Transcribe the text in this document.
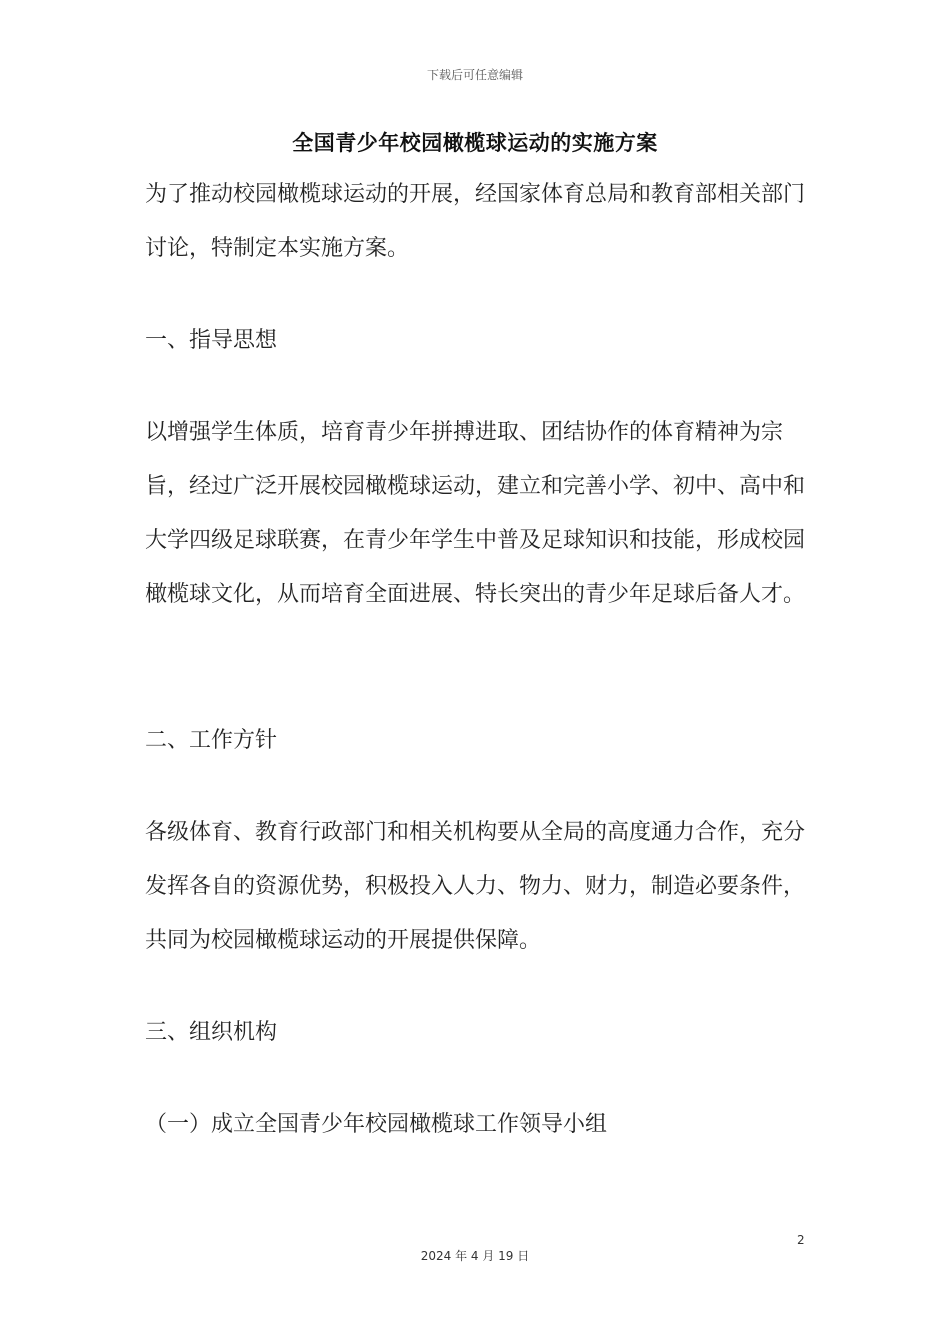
下载后可任意编辑
全国青少年校园橄榄球运动的实施方案

为了推动校园橄榄球运动的开展，经国家体育总局和教育部相关部门讨论，特制定本实施方案。

一、指导思想

以增强学生体质，培育青少年拼搏进取、团结协作的体育精神为宗旨，经过广泛开展校园橄榄球运动，建立和完善小学、初中、高中和大学四级足球联赛，在青少年学生中普及足球知识和技能，形成校园橄榄球文化，从而培育全面进展、特长突出的青少年足球后备人才。

二、工作方针

各级体育、教育行政部门和相关机构要从全局的高度通力合作，充分发挥各自的资源优势，积极投入人力、物力、财力，制造必要条件，共同为校园橄榄球运动的开展提供保障。

三、组织机构

（一）成立全国青少年校园橄榄球工作领导小组

2
2024 年 4 月 19 日
